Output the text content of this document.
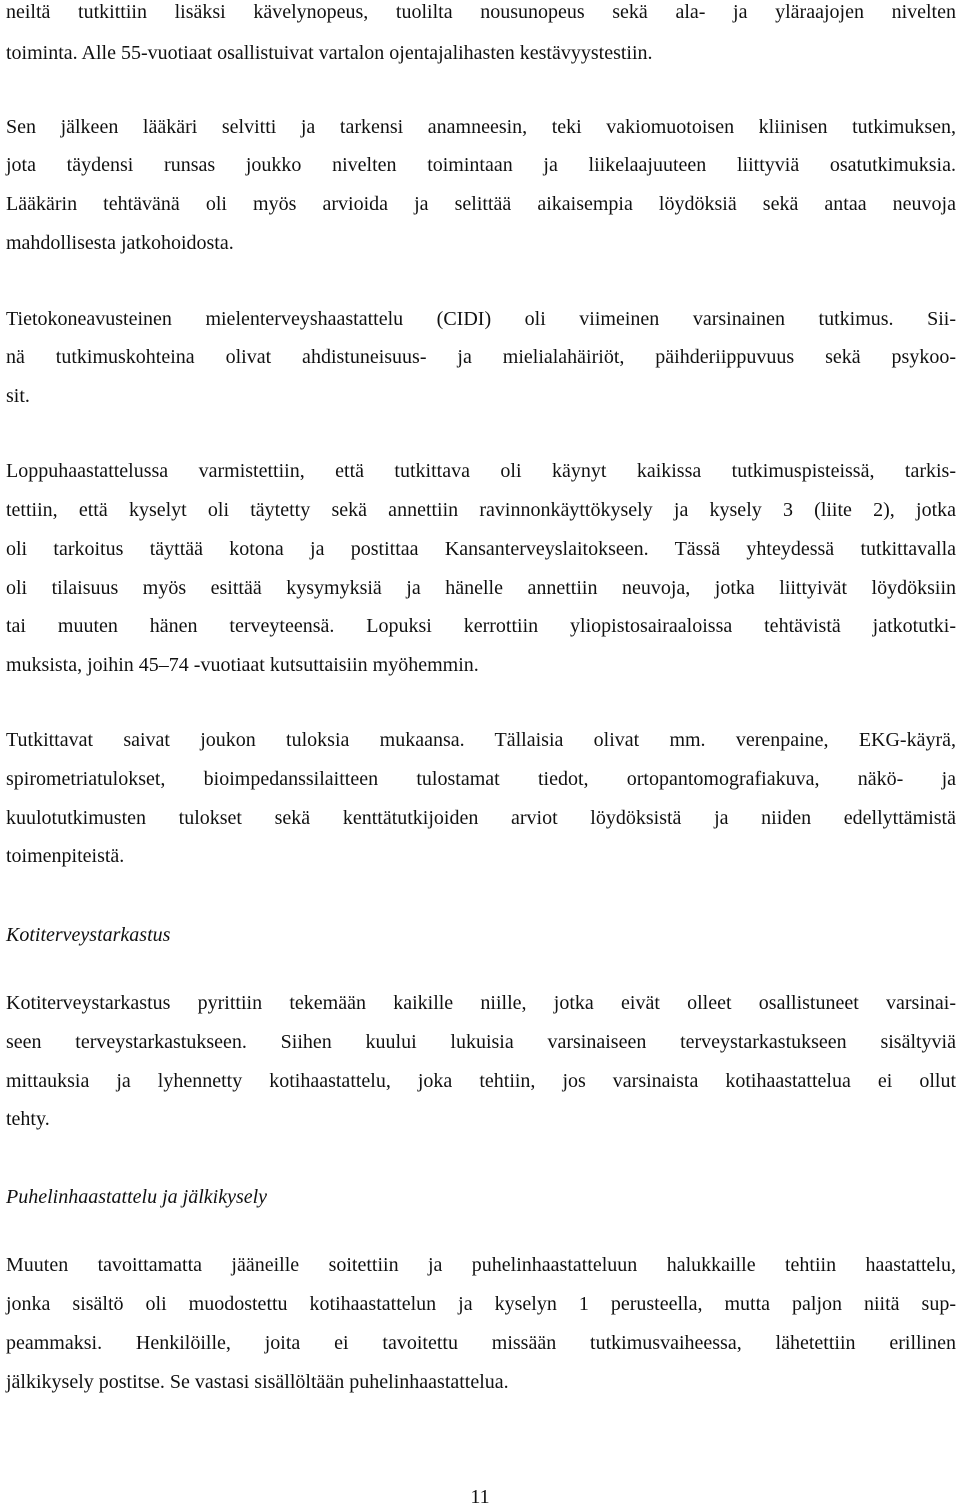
neiltä tutkittiin lisäksi kävelynopeus, tuolilta nousunopeus sekä ala- ja yläraajojen nivelten
toiminta. Alle 55-vuotiaat osallistuivat vartalon ojentajalihasten kestävyystestiin.
Sen jälkeen lääkäri selvitti ja tarkensi anamneesin, teki vakiomuotoisen kliinisen tutkimuksen,
jota täydensi runsas joukko nivelten toimintaan ja liikelaajuuteen liittyviä osatutkimuksia.
Lääkärin tehtävänä oli myös arvioida ja selittää aikaisempia löydöksiä sekä antaa neuvoja
mahdollisesta jatkohoidosta.
Tietokoneavusteinen mielenterveyshaastattelu (CIDI) oli viimeinen varsinainen tutkimus. Sii-
nä tutkimuskohteina olivat ahdistuneisuus- ja mielialahäiriöt, päihderiippuvuus sekä psykoo-
sit.
Loppuhaastattelussa varmistettiin, että tutkittava oli käynyt kaikissa tutkimuspisteissä, tarkis-
tettiin, että kyselyt oli täytetty sekä annettiin ravinnonkäyttökysely ja kysely 3 (liite 2), jotka
oli tarkoitus täyttää kotona ja postittaa Kansanterveyslaitokseen. Tässä yhteydessä tutkittavalla
oli tilaisuus myös esittää kysymyksiä ja hänelle annettiin neuvoja, jotka liittyivät löydöksiin
tai muuten hänen terveyteensä. Lopuksi kerrottiin yliopistosairaaloissa tehtävistä jatkotutki-
muksista, joihin 45–74 -vuotiaat kutsuttaisiin myöhemmin.
Tutkittavat saivat joukon tuloksia mukaansa. Tällaisia olivat mm. verenpaine, EKG-käyrä,
spirometriatulokset, bioimpedanssilaitteen tulostamat tiedot, ortopantomografiakuva, näkö- ja
kuulotutkimusten tulokset sekä kenttätutkijoiden arviot löydöksistä ja niiden edellyttämistä
toimenpiteistä.
Kotiterveystarkastus
Kotiterveystarkastus pyrittiin tekemään kaikille niille, jotka eivät olleet osallistuneet varsinai-
seen terveystarkastukseen. Siihen kuului lukuisia varsinaiseen terveystarkastukseen sisältyviä
mittauksia ja lyhennetty kotihaastattelu, joka tehtiin, jos varsinaista kotihaastattelua ei ollut
tehty.
Puhelinhaastattelu ja jälkikysely
Muuten tavoittamatta jääneille soitettiin ja puhelinhaastatteluun halukkaille tehtiin haastattelu,
jonka sisältö oli muodostettu kotihaastattelun ja kyselyn 1 perusteella, mutta paljon niitä sup-
peammaksi. Henkilöille, joita ei tavoitettu missään tutkimusvaiheessa, lähetettiin erillinen
jälkikysely postitse. Se vastasi sisällöltään puhelinhaastattelua.
11
